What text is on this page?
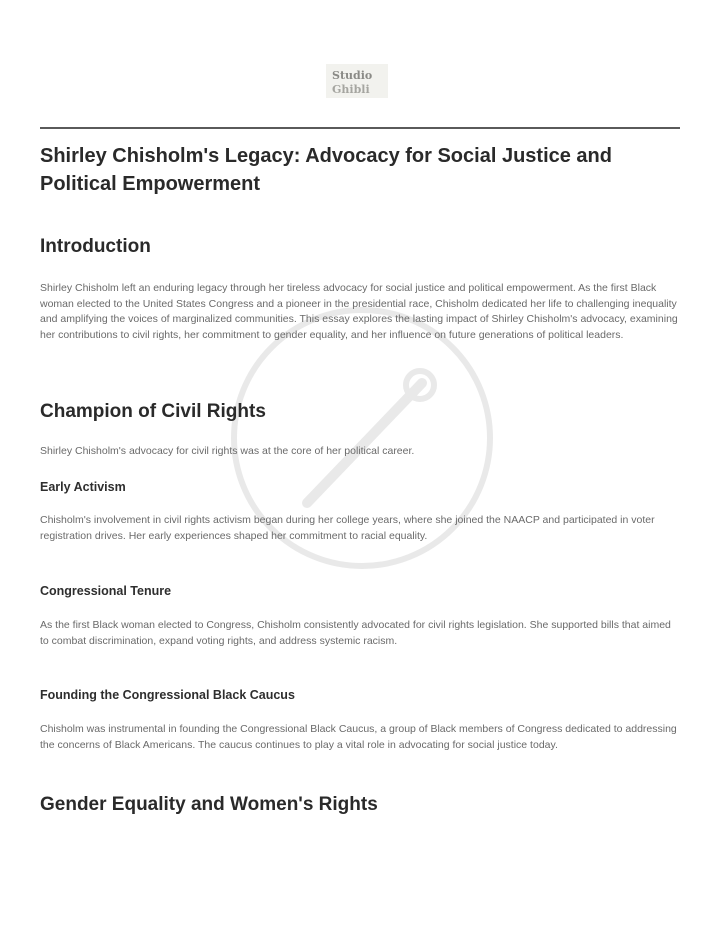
Studio
Ghibli
Shirley Chisholm's Legacy: Advocacy for Social Justice and Political Empowerment
Introduction

Shirley Chisholm left an enduring legacy through her tireless advocacy for social justice and political empowerment. As the first Black woman elected to the United States Congress and a pioneer in the presidential race, Chisholm dedicated her life to challenging inequality and amplifying the voices of marginalized communities. This essay explores the lasting impact of Shirley Chisholm's advocacy, examining her contributions to civil rights, her commitment to gender equality, and her influence on future generations of political leaders.

Champion of Civil Rights

Shirley Chisholm's advocacy for civil rights was at the core of her political career.

Early Activism

Chisholm's involvement in civil rights activism began during her college years, where she joined the NAACP and participated in voter registration drives. Her early experiences shaped her commitment to racial equality.

Congressional Tenure

As the first Black woman elected to Congress, Chisholm consistently advocated for civil rights legislation. She supported bills that aimed to combat discrimination, expand voting rights, and address systemic racism.

Founding the Congressional Black Caucus

Chisholm was instrumental in founding the Congressional Black Caucus, a group of Black members of Congress dedicated to addressing the concerns of Black Americans. The caucus continues to play a vital role in advocating for social justice today.

Gender Equality and Women's Rights
